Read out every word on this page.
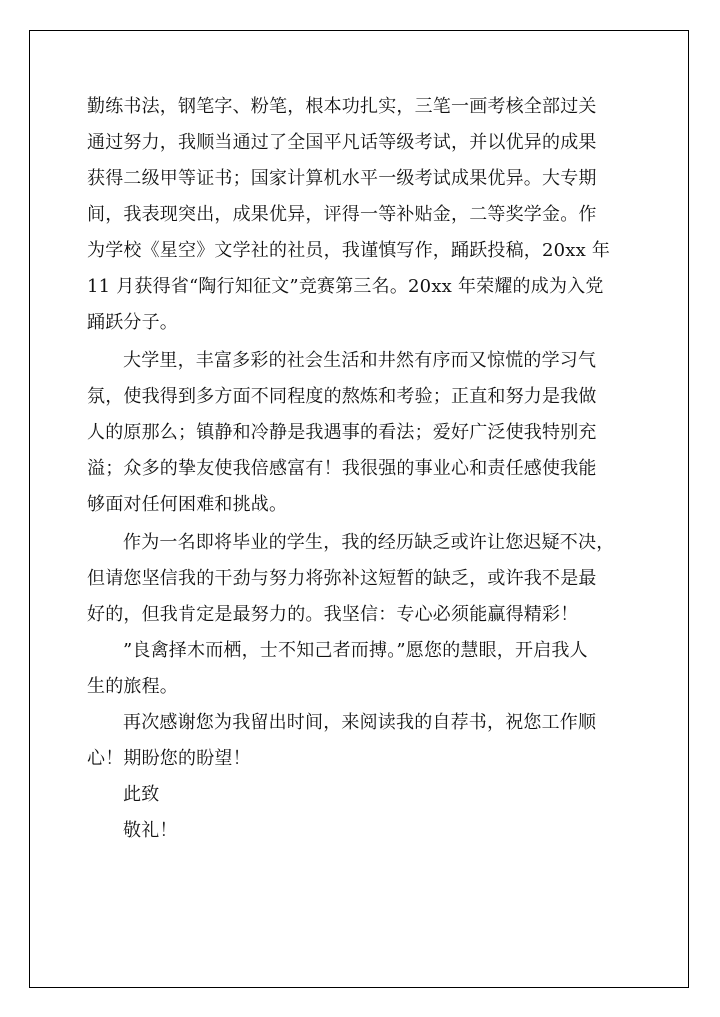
勤练书法，钢笔字、粉笔，根本功扎实，三笔一画考核全部过关
通过努力，我顺当通过了全国平凡话等级考试，并以优异的成果
获得二级甲等证书；国家计算机水平一级考试成果优异。大专期
间，我表现突出，成果优异，评得一等补贴金，二等奖学金。作
为学校《星空》文学社的社员，我谨慎写作，踊跃投稿，20xx 年
11 月获得省“陶行知征文”竞赛第三名。20xx 年荣耀的成为入党
踊跃分子。
大学里，丰富多彩的社会生活和井然有序而又惊慌的学习气
氛，使我得到多方面不同程度的熬炼和考验；正直和努力是我做
人的原那么；镇静和冷静是我遇事的看法；爱好广泛使我特别充
溢；众多的挚友使我倍感富有！我很强的事业心和责任感使我能
够面对任何困难和挑战。
作为一名即将毕业的学生，我的经历缺乏或许让您迟疑不决，
但请您坚信我的干劲与努力将弥补这短暂的缺乏，或许我不是最
好的，但我肯定是最努力的。我坚信：专心必须能赢得精彩！
”良禽择木而栖，士不知己者而搏。”愿您的慧眼，开启我人
生的旅程。
再次感谢您为我留出时间，来阅读我的自荐书，祝您工作顺
心！期盼您的盼望！
此致
敬礼！
